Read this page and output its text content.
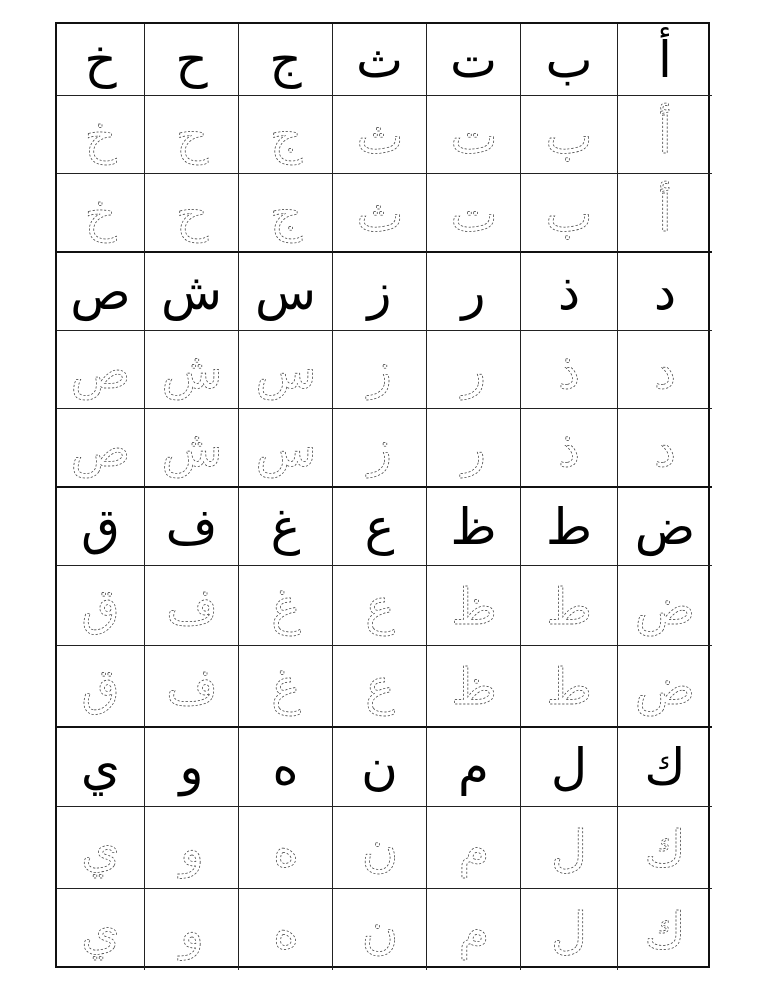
خ ح ج ث ت ب أ
خ ح ج ث ت ب أ
خ ح ج ث ت ب أ
ص ش س ز ر ذ د
ص ش س ز ر ذ د
ص ش س ز ر ذ د
ق ف غ ع ظ ط ض
ق ف غ ع ظ ط ض
ق ف غ ع ظ ط ض
ي و ه ن م ل ك
ي و ه ن م ل ك
ي و ه ن م ل ك
